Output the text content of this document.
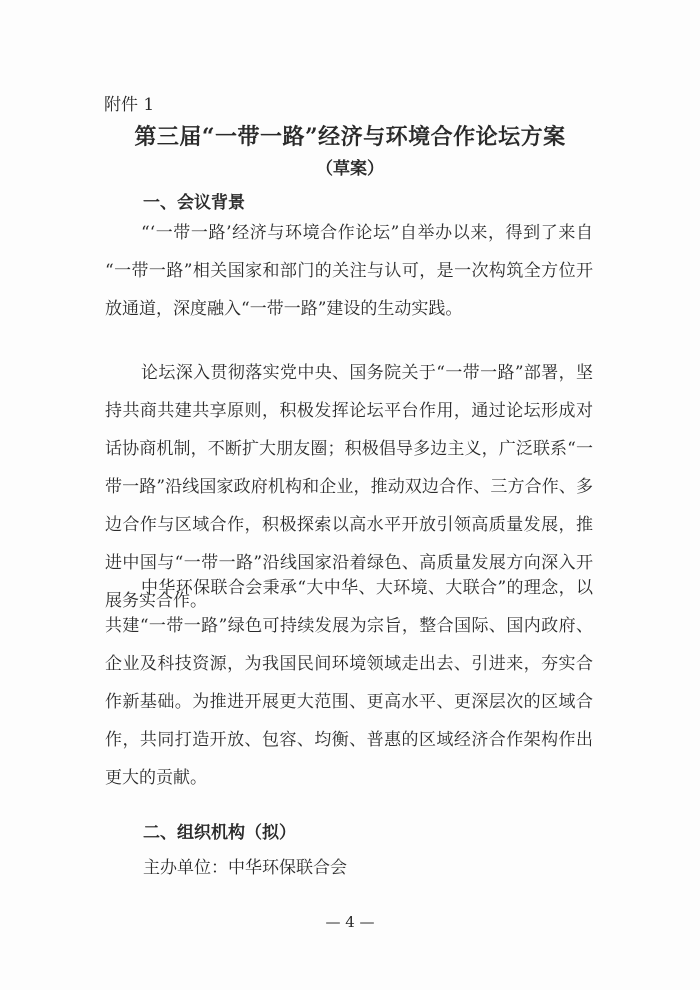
附件 1
第三届“一带一路”经济与环境合作论坛方案
（草案）
一、会议背景

“‘一带一路’经济与环境合作论坛”自举办以来，得到了来自 “一带一路”相关国家和部门的关注与认可，是一次构筑全方位开放通道，深度融入“一带一路”建设的生动实践。

论坛深入贯彻落实党中央、国务院关于“一带一路”部署，坚持共商共建共享原则，积极发挥论坛平台作用，通过论坛形成对话协商机制，不断扩大朋友圈；积极倡导多边主义，广泛联系“一带一路”沿线国家政府机构和企业，推动双边合作、三方合作、多边合作与区域合作，积极探索以高水平开放引领高质量发展，推进中国与“一带一路”沿线国家沿着绿色、高质量发展方向深入开展务实合作。

中华环保联合会秉承“大中华、大环境、大联合”的理念，以共建“一带一路”绿色可持续发展为宗旨，整合国际、国内政府、企业及科技资源，为我国民间环境领域走出去、引进来，夯实合作新基础。为推进开展更大范围、更高水平、更深层次的区域合作，共同打造开放、包容、均衡、普惠的区域经济合作架构作出更大的贡献。

二、组织机构（拟）
主办单位：中华环保联合会
— 4 —
